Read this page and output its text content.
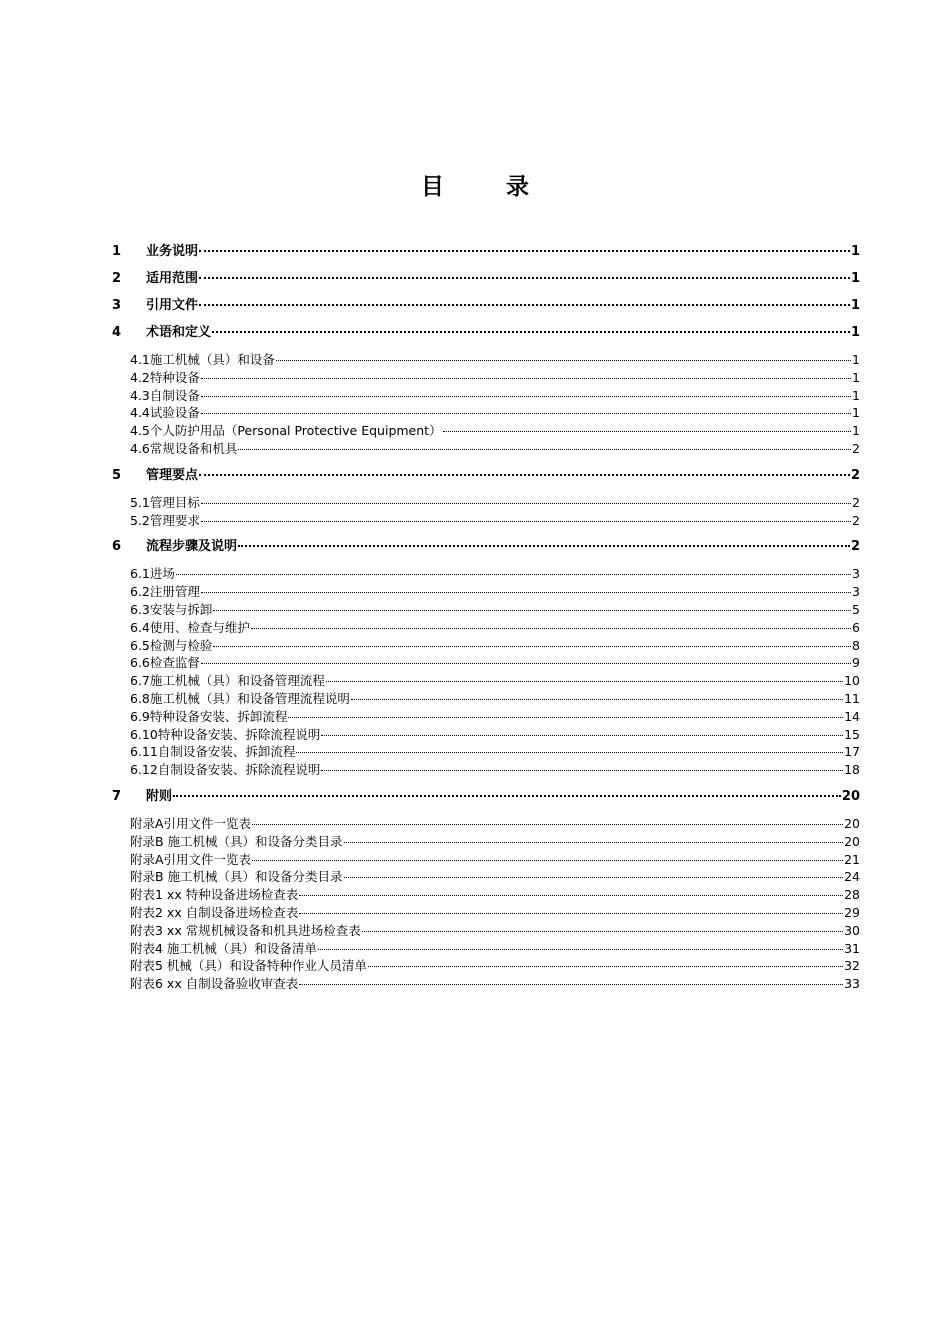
目	录
1	业务说明	1
2	适用范围	1
3	引用文件	1
4	术语和定义	1
4.1施工机械（具）和设备	1
4.2特种设备	1
4.3自制设备	1
4.4试验设备	1
4.5个人防护用品（Personal Protective Equipment）	1
4.6常规设备和机具	2
5	管理要点	2
5.1管理目标	2
5.2管理要求	2
6	流程步骤及说明	2
6.1进场	3
6.2注册管理	3
6.3安装与拆卸	5
6.4使用、检查与维护	6
6.5检测与检验	8
6.6检查监督	9
6.7施工机械（具）和设备管理流程	10
6.8施工机械（具）和设备管理流程说明	11
6.9特种设备安装、拆卸流程	14
6.10特种设备安装、拆除流程说明	15
6.11自制设备安装、拆卸流程	17
6.12自制设备安装、拆除流程说明	18
7	附则	20
附录A引用文件一览表	20
附录B 施工机械（具）和设备分类目录	20
附录A引用文件一览表	21
附录B 施工机械（具）和设备分类目录	24
附表1 xx 特种设备进场检查表	28
附表2 xx 自制设备进场检查表	29
附表3 xx 常规机械设备和机具进场检查表	30
附表4 施工机械（具）和设备清单	31
附表5 机械（具）和设备特种作业人员清单	32
附表6 xx 自制设备验收审查表	33
